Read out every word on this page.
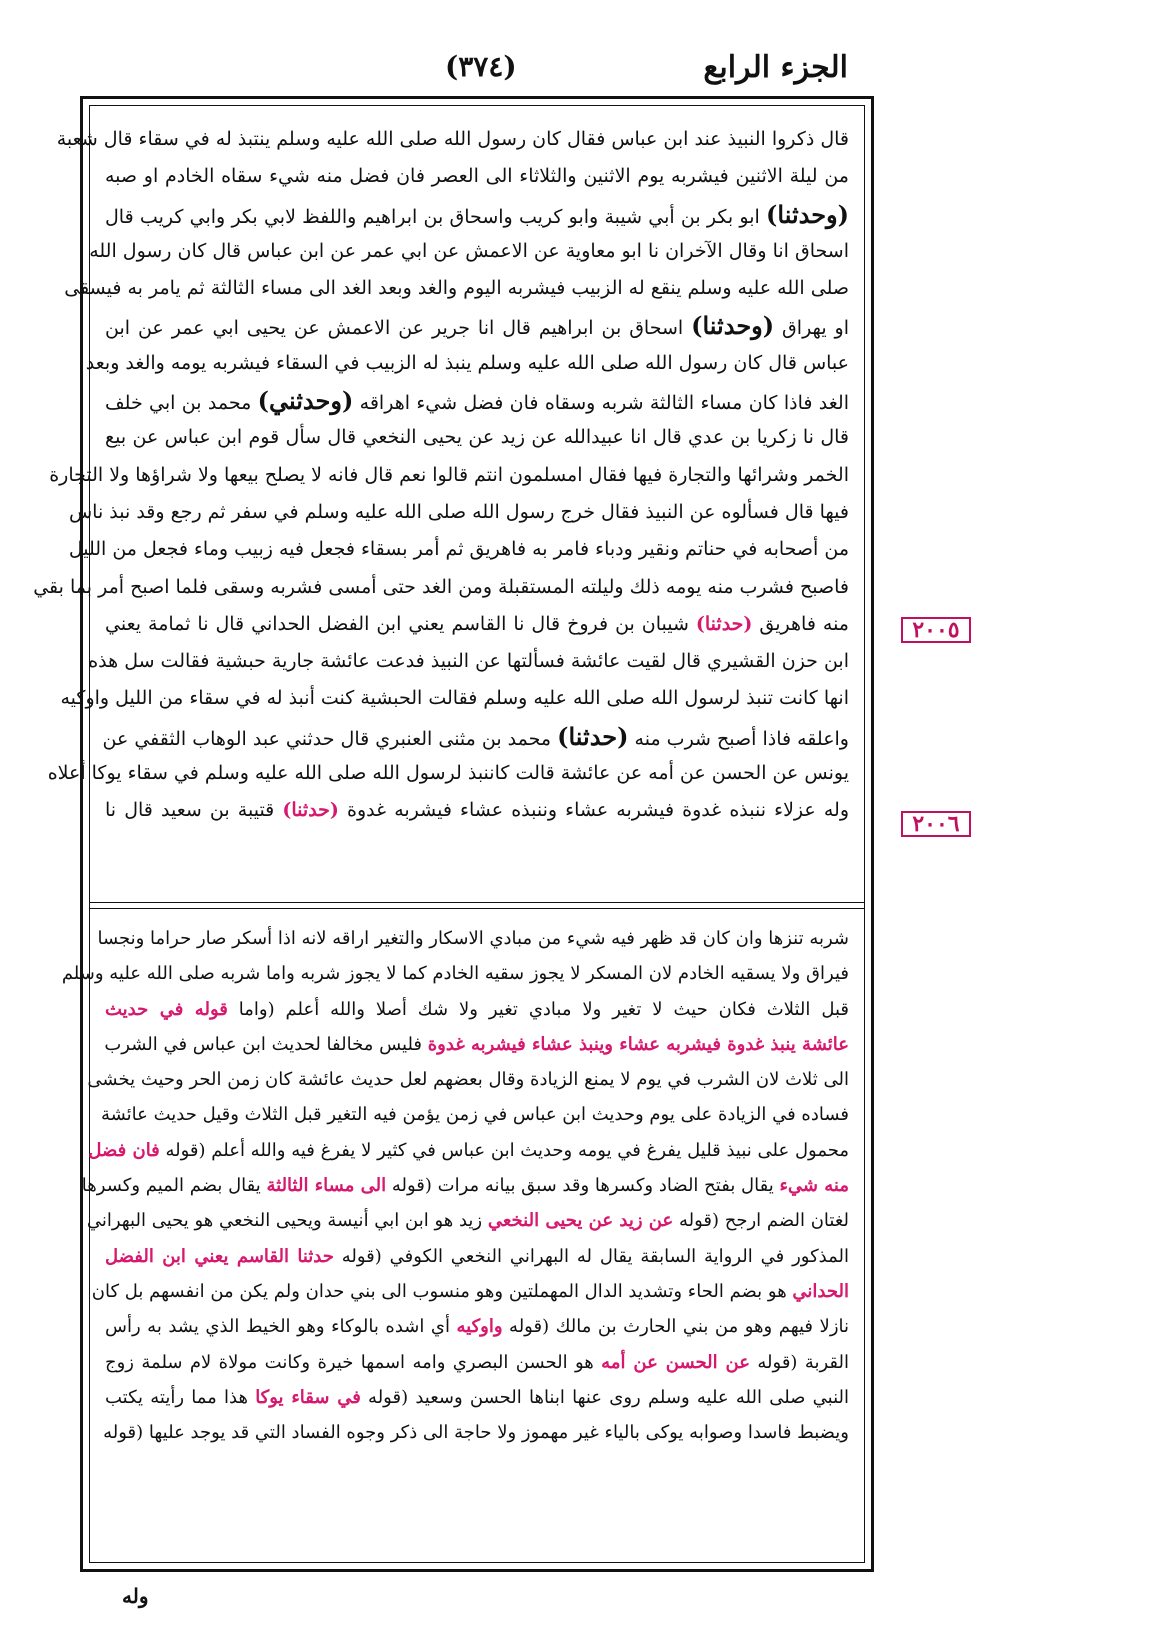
الجزء الرابع
(٣٧٤)
قال ذكروا النبيذ عند ابن عباس فقال كان رسول الله صلى الله عليه وسلم ينتبذ له في سقاء قال شعبة
من ليلة الاثنين فيشربه يوم الاثنين والثلاثاء الى العصر فان فضل منه شيء سقاه الخادم او صبه
(وحدثنا) ابو بكر بن أبي شيبة وابو كريب واسحاق بن ابراهيم واللفظ لابي بكر وابي كريب قال
اسحاق انا وقال الآخران نا ابو معاوية عن الاعمش عن ابي عمر عن ابن عباس قال كان رسول الله
صلى الله عليه وسلم ينقع له الزبيب فيشربه اليوم والغد وبعد الغد الى مساء الثالثة ثم يامر به فيسقى
او يهراق (وحدثنا) اسحاق بن ابراهيم قال انا جرير عن الاعمش عن يحيى ابي عمر عن ابن
عباس قال كان رسول الله صلى الله عليه وسلم ينبذ له الزبيب في السقاء فيشربه يومه والغد وبعد
الغد فاذا كان مساء الثالثة شربه وسقاه فان فضل شيء اهراقه (وحدثني) محمد بن ابي خلف
قال نا زكريا بن عدي قال انا عبيدالله عن زيد عن يحيى النخعي قال سأل قوم ابن عباس عن بيع
الخمر وشرائها والتجارة فيها فقال امسلمون انتم قالوا نعم قال فانه لا يصلح بيعها ولا شراؤها ولا التجارة
فيها قال فسألوه عن النبيذ فقال خرج رسول الله صلى الله عليه وسلم في سفر ثم رجع وقد نبذ ناس
من أصحابه في حناتم ونقير ودباء فامر به فاهريق ثم أمر بسقاء فجعل فيه زبيب وماء فجعل من الليل
فاصبح فشرب منه يومه ذلك وليلته المستقبلة ومن الغد حتى أمسى فشربه وسقى فلما اصبح أمر بما بقي
منه فاهريق (حدثنا) شيبان بن فروخ قال نا القاسم يعني ابن الفضل الحداني قال نا ثمامة يعني
ابن حزن القشيري قال لقيت عائشة فسألتها عن النبيذ فدعت عائشة جارية حبشية فقالت سل هذه
انها كانت تنبذ لرسول الله صلى الله عليه وسلم فقالت الحبشية كنت أنبذ له في سقاء من الليل واوكيه
واعلقه فاذا أصبح شرب منه (حدثنا) محمد بن مثنى العنبري قال حدثني عبد الوهاب الثقفي عن
يونس عن الحسن عن أمه عن عائشة قالت كاننبذ لرسول الله صلى الله عليه وسلم في سقاء يوكا أعلاه
وله عزلاء ننبذه غدوة فيشربه عشاء وننبذه عشاء فيشربه غدوة (حدثنا) قتيبة بن سعيد قال نا
شربه تنزها وان كان قد ظهر فيه شيء من مبادي الاسكار والتغير اراقه لانه اذا أسكر صار حراما ونجسا
فيراق ولا يسقيه الخادم لان المسكر لا يجوز سقيه الخادم كما لا يجوز شربه واما شربه صلى الله عليه وسلم
قبل الثلاث فكان حيث لا تغير ولا مبادي تغير ولا شك أصلا والله أعلم (واما قوله في حديث
عائشة ينبذ غدوة فيشربه عشاء وينبذ عشاء فيشربه غدوة فليس مخالفا لحديث ابن عباس في الشرب
الى ثلاث لان الشرب في يوم لا يمنع الزيادة وقال بعضهم لعل حديث عائشة كان زمن الحر وحيث يخشى
فساده في الزيادة على يوم وحديث ابن عباس في زمن يؤمن فيه التغير قبل الثلاث وقيل حديث عائشة
محمول على نبيذ قليل يفرغ في يومه وحديث ابن عباس في كثير لا يفرغ فيه والله أعلم (قوله فان فضل
منه شيء يقال بفتح الضاد وكسرها وقد سبق بيانه مرات (قوله الى مساء الثالثة يقال بضم الميم وكسرها
لغتان الضم ارجح (قوله عن زيد عن يحيى النخعي زيد هو ابن ابي أنيسة ويحيى النخعي هو يحيى البهراني
المذكور في الرواية السابقة يقال له البهراني النخعي الكوفي (قوله حدثنا القاسم يعني ابن الفضل
الحداني هو بضم الحاء وتشديد الدال المهملتين وهو منسوب الى بني حدان ولم يكن من انفسهم بل كان
نازلا فيهم وهو من بني الحارث بن مالك (قوله واوكيه أي اشده بالوكاء وهو الخيط الذي يشد به رأس
القربة (قوله عن الحسن عن أمه هو الحسن البصري وامه اسمها خيرة وكانت مولاة لام سلمة زوج
النبي صلى الله عليه وسلم روى عنها ابناها الحسن وسعيد (قوله في سقاء يوكا هذا مما رأيته يكتب
ويضبط فاسدا وصوابه يوكى بالياء غير مهموز ولا حاجة الى ذكر وجوه الفساد التي قد يوجد عليها (قوله
٢٠٠٥
٢٠٠٦
وله
